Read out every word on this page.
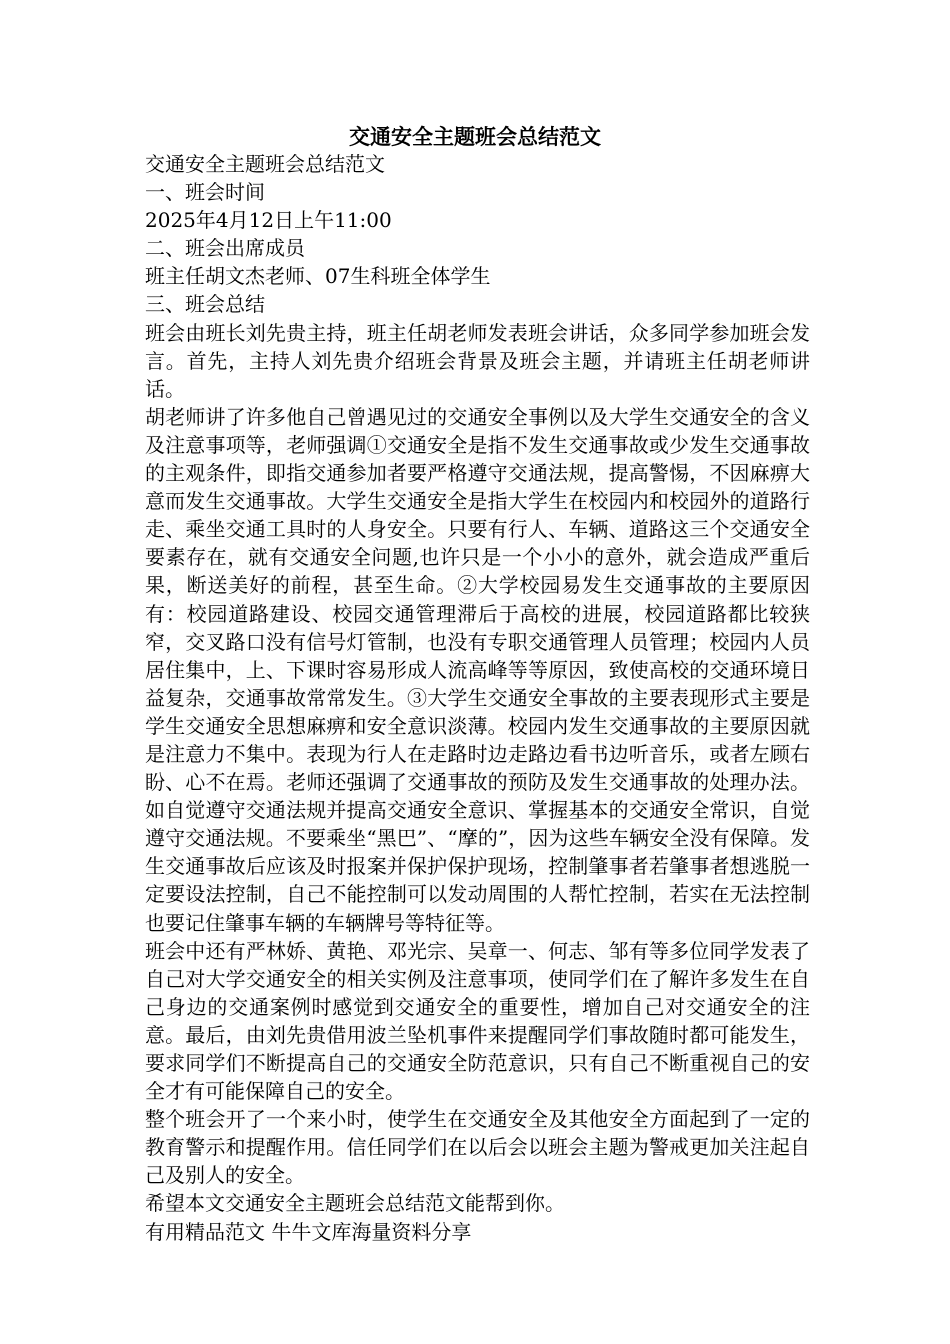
交通安全主题班会总结范文

交通安全主题班会总结范文

一、班会时间

2025年4月12日上午11:00

二、班会出席成员

班主任胡文杰老师、07生科班全体学生

三、班会总结

班会由班长刘先贵主持，班主任胡老师发表班会讲话，众多同学参加班会发言。首先，主持人刘先贵介绍班会背景及班会主题，并请班主任胡老师讲话。

胡老师讲了许多他自己曾遇见过的交通安全事例以及大学生交通安全的含义及注意事项等，老师强调①交通安全是指不发生交通事故或少发生交通事故的主观条件，即指交通参加者要严格遵守交通法规，提高警惕，不因麻痹大意而发生交通事故。大学生交通安全是指大学生在校园内和校园外的道路行走、乘坐交通工具时的人身安全。只要有行人、车辆、道路这三个交通安全要素存在，就有交通安全问题,也许只是一个小小的意外，就会造成严重后果，断送美好的前程，甚至生命。②大学校园易发生交通事故的主要原因有：校园道路建设、校园交通管理滞后于高校的进展，校园道路都比较狭窄，交叉路口没有信号灯管制，也没有专职交通管理人员管理；校园内人员居住集中，上、下课时容易形成人流高峰等等原因，致使高校的交通环境日益复杂，交通事故常常发生。③大学生交通安全事故的主要表现形式主要是学生交通安全思想麻痹和安全意识淡薄。校园内发生交通事故的主要原因就是注意力不集中。表现为行人在走路时边走路边看书边听音乐，或者左顾右盼、心不在焉。老师还强调了交通事故的预防及发生交通事故的处理办法。如自觉遵守交通法规并提高交通安全意识、掌握基本的交通安全常识，自觉遵守交通法规。不要乘坐“黑巴”、“摩的”，因为这些车辆安全没有保障。发生交通事故后应该及时报案并保护保护现场，控制肇事者若肇事者想逃脱一定要设法控制，自己不能控制可以发动周围的人帮忙控制，若实在无法控制也要记住肇事车辆的车辆牌号等特征等。

班会中还有严林娇、黄艳、邓光宗、吴章一、何志、邹有等多位同学发表了自己对大学交通安全的相关实例及注意事项，使同学们在了解许多发生在自己身边的交通案例时感觉到交通安全的重要性，增加自己对交通安全的注意。最后，由刘先贵借用波兰坠机事件来提醒同学们事故随时都可能发生，要求同学们不断提高自己的交通安全防范意识，只有自己不断重视自己的安全才有可能保障自己的安全。

整个班会开了一个来小时，使学生在交通安全及其他安全方面起到了一定的教育警示和提醒作用。信任同学们在以后会以班会主题为警戒更加关注起自己及别人的安全。

希望本文交通安全主题班会总结范文能帮到你。

有用精品范文 牛牛文库海量资料分享
